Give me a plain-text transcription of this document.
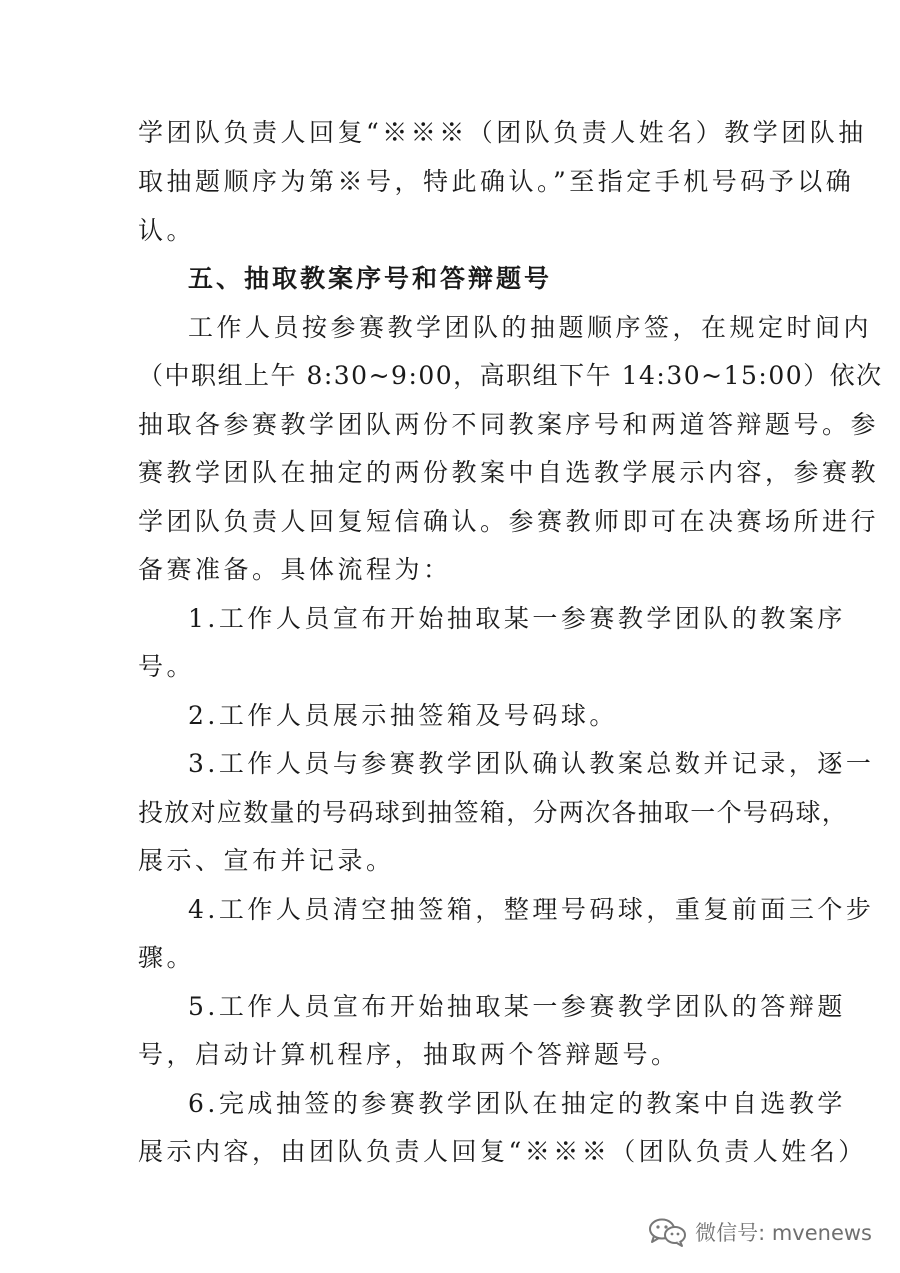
学团队负责人回复“※※※（团队负责人姓名）教学团队抽
取抽题顺序为第※号，特此确认。”至指定手机号码予以确
认。
五、抽取教案序号和答辩题号
工作人员按参赛教学团队的抽题顺序签，在规定时间内
（中职组上午 8:30~9:00，高职组下午 14:30~15:00）依次
抽取各参赛教学团队两份不同教案序号和两道答辩题号。参
赛教学团队在抽定的两份教案中自选教学展示内容，参赛教
学团队负责人回复短信确认。参赛教师即可在决赛场所进行
备赛准备。具体流程为：
1.工作人员宣布开始抽取某一参赛教学团队的教案序
号。
2.工作人员展示抽签箱及号码球。
3.工作人员与参赛教学团队确认教案总数并记录，逐一
投放对应数量的号码球到抽签箱，分两次各抽取一个号码球，
展示、宣布并记录。
4.工作人员清空抽签箱，整理号码球，重复前面三个步
骤。
5.工作人员宣布开始抽取某一参赛教学团队的答辩题
号，启动计算机程序，抽取两个答辩题号。
6.完成抽签的参赛教学团队在抽定的教案中自选教学
展示内容，由团队负责人回复“※※※（团队负责人姓名）
微信号: mvenews
